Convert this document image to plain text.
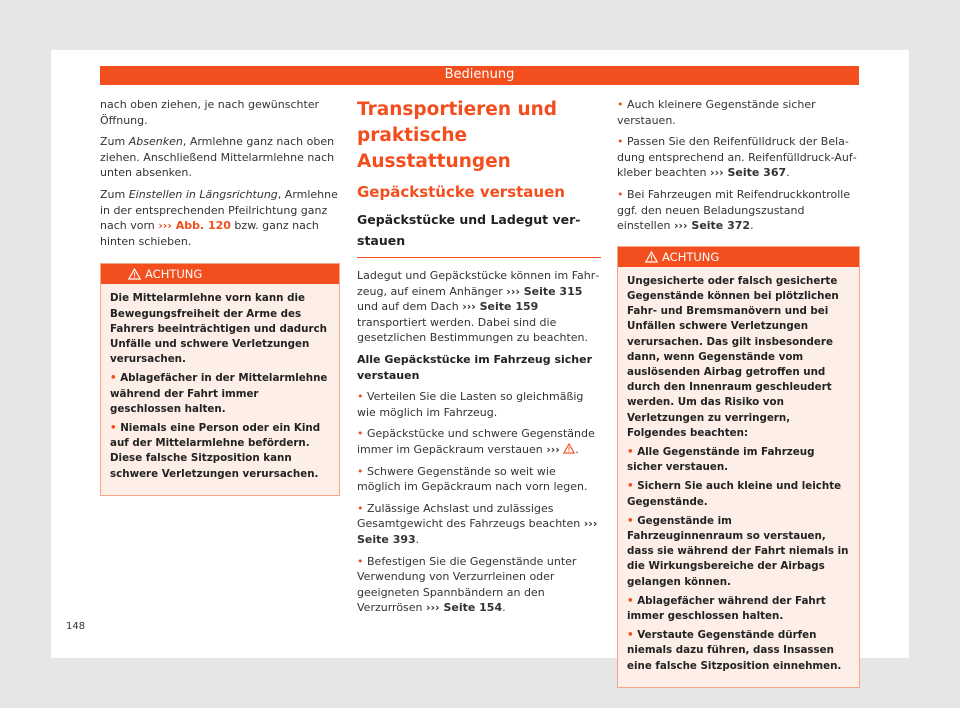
Bedienung

nach oben ziehen, je nach gewünschter Öffnung.

Zum Absenken, Armlehne ganz nach oben ziehen. Anschließend Mittelarmlehne nach unten absenken.

Zum Einstellen in Längsrichtung, Armlehne in der entsprechenden Pfeilrichtung ganz nach vorn ››› Abb. 120 bzw. ganz nach hinten schieben.

ACHTUNG

Die Mittelarmlehne vorn kann die Bewegungsfreiheit der Arme des Fahrers beeinträchtigen und dadurch Unfälle und schwere Verletzungen verursachen.

• Ablagefächer in der Mittelarmlehne während der Fahrt immer geschlossen halten.

• Niemals eine Person oder ein Kind auf der Mittelarmlehne befördern. Diese falsche Sitzposition kann schwere Verletzungen verursachen.

Transportieren und praktische Ausstattungen
Gepäckstücke verstauen
Gepäckstücke und Ladegut verstauen

Ladegut und Gepäckstücke können im Fahrzeug, auf einem Anhänger ››› Seite 315 und auf dem Dach ››› Seite 159 transportiert werden. Dabei sind die gesetzlichen Bestimmungen zu beachten.

Alle Gepäckstücke im Fahrzeug sicher verstauen

• Verteilen Sie die Lasten so gleichmäßig wie möglich im Fahrzeug.

• Gepäckstücke und schwere Gegenstände immer im Gepäckraum verstauen ››› .

• Schwere Gegenstände so weit wie möglich im Gepäckraum nach vorn legen.

• Zulässige Achslast und zulässiges Gesamtgewicht des Fahrzeugs beachten ››› Seite 393.

• Befestigen Sie die Gegenstände unter Verwendung von Verzurrleinen oder geeigneten Spannbändern an den Verzurrösen ››› Seite 154.

• Auch kleinere Gegenstände sicher verstauen.

• Passen Sie den Reifenfülldruck der Beladung entsprechend an. Reifenfülldruck-Aufkleber beachten ››› Seite 367.

• Bei Fahrzeugen mit Reifendruckkontrolle ggf. den neuen Beladungszustand einstellen ››› Seite 372.

ACHTUNG

Ungesicherte oder falsch gesicherte Gegenstände können bei plötzlichen Fahr- und Bremsmanövern und bei Unfällen schwere Verletzungen verursachen. Das gilt insbesondere dann, wenn Gegenstände vom auslösenden Airbag getroffen und durch den Innenraum geschleudert werden. Um das Risiko von Verletzungen zu verringern, Folgendes beachten:

• Alle Gegenstände im Fahrzeug sicher verstauen.

• Sichern Sie auch kleine und leichte Gegenstände.

• Gegenstände im Fahrzeuginnenraum so verstauen, dass sie während der Fahrt niemals in die Wirkungsbereiche der Airbags gelangen können.

• Ablagefächer während der Fahrt immer geschlossen halten.

• Verstaute Gegenstände dürfen niemals dazu führen, dass Insassen eine falsche Sitzposition einnehmen.

148
